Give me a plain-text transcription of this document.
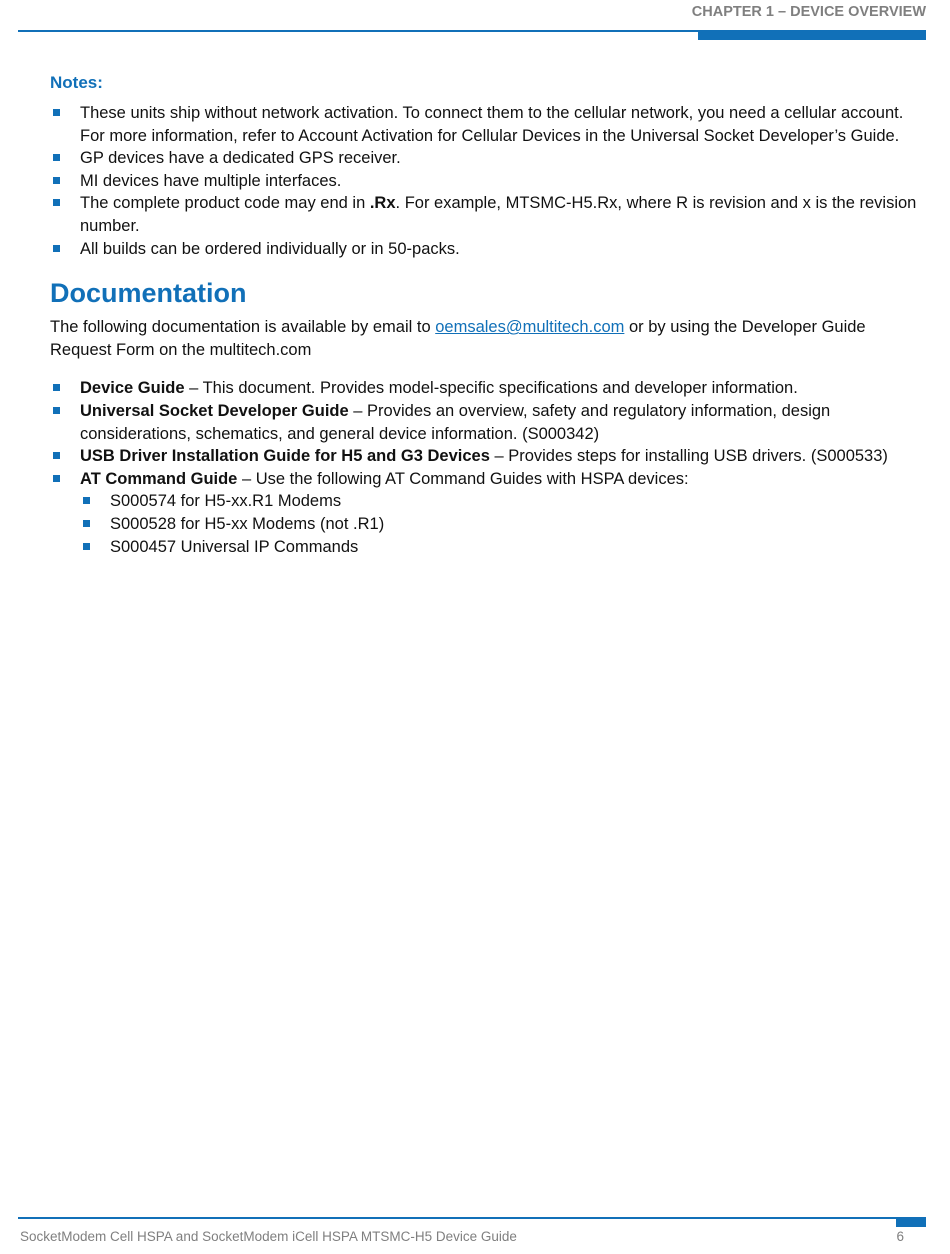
CHAPTER 1 – DEVICE OVERVIEW
Notes:
These units ship without network activation. To connect them to the cellular network, you need a cellular account. For more information, refer to Account Activation for Cellular Devices in the Universal Socket Developer’s Guide.
GP devices have a dedicated GPS receiver.
MI devices have multiple interfaces.
The complete product code may end in .Rx. For example, MTSMC-H5.Rx, where R is revision and x is the revision number.
All builds can be ordered individually or in 50-packs.
Documentation

The following documentation is available by email to oemsales@multitech.com or by using the Developer Guide Request Form on the multitech.com

Device Guide – This document. Provides model-specific specifications and developer information.
Universal Socket Developer Guide – Provides an overview, safety and regulatory information, design considerations, schematics, and general device information. (S000342)
USB Driver Installation Guide for H5 and G3 Devices – Provides steps for installing USB drivers. (S000533)
AT Command Guide – Use the following AT Command Guides with HSPA devices:
S000574 for H5-xx.R1 Modems
S000528 for H5-xx Modems (not .R1)
S000457 Universal IP Commands
SocketModem Cell HSPA and SocketModem iCell HSPA MTSMC-H5 Device Guide	6
